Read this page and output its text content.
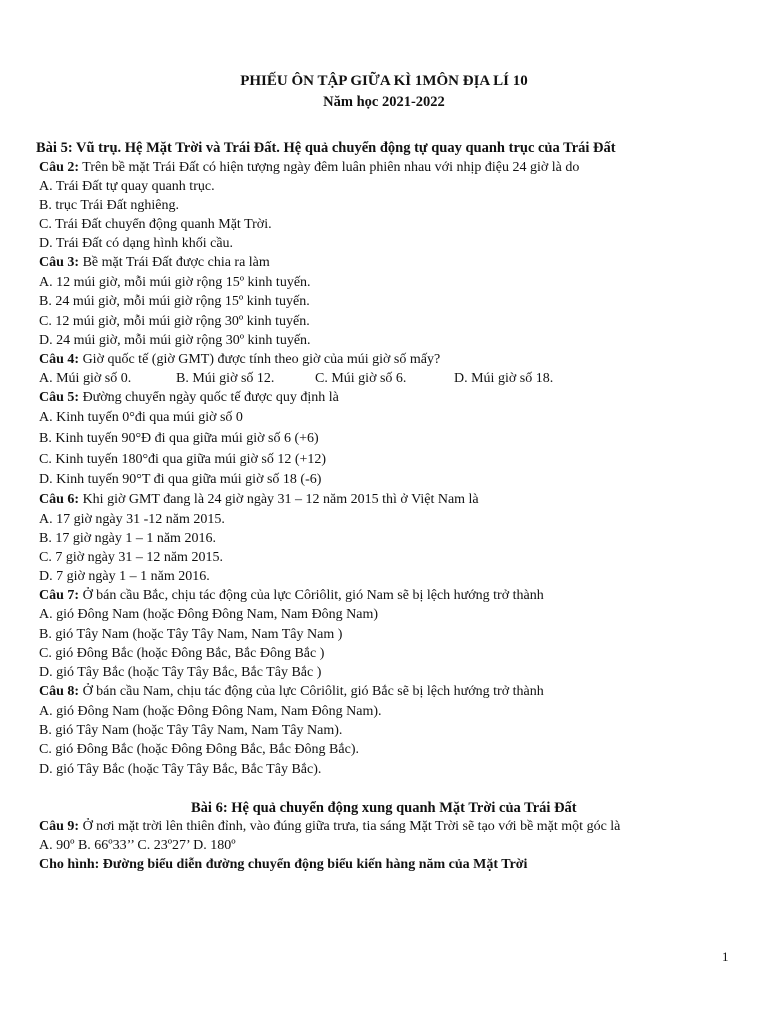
PHIẾU ÔN TẬP GIỮA KÌ 1MÔN ĐỊA LÍ 10
Năm học 2021-2022
Bài 5: Vũ trụ. Hệ Mặt Trời và Trái Đất. Hệ quả chuyển động tự quay quanh trục của Trái Đất
Câu 2: Trên bề mặt Trái Đất có hiện tượng ngày đêm luân phiên nhau với nhịp điệu 24 giờ là do
A. Trái Đất tự quay quanh trục.
B. trục Trái Đất nghiêng.
C. Trái Đất chuyển động quanh Mặt Trời.
D. Trái Đất có dạng hình khối cầu.
Câu 3: Bề mặt Trái Đất được chia ra làm
A. 12 múi giờ, mỗi múi giờ rộng 15º kinh tuyến.
B. 24 múi giờ, mỗi múi giờ rộng 15º kinh tuyến.
C. 12 múi giờ, mỗi múi giờ rộng 30º kinh tuyến.
D. 24 múi giờ, mỗi múi giờ rộng 30º kinh tuyến.
Câu 4: Giờ quốc tế (giờ GMT) được tính theo giờ của múi giờ số mấy?
A. Múi giờ số 0.	B. Múi giờ số 12.	C. Múi giờ số 6.	D. Múi giờ số 18.
Câu 5: Đường chuyển ngày quốc tế được quy định là
A. Kinh tuyến 0°đi qua múi giờ số 0
B. Kinh tuyến 90°Đ đi qua giữa múi giờ số 6 (+6)
C. Kinh tuyến 180°đi qua giữa múi giờ số 12 (+12)
D. Kinh tuyến 90°T đi qua giữa múi giờ số 18 (-6)
Câu 6: Khi giờ GMT đang là 24 giờ ngày 31 – 12 năm 2015 thì ở Việt Nam là
A. 17 giờ ngày 31 -12 năm 2015.
B. 17 giờ ngày 1 – 1 năm 2016.
C. 7 giờ ngày 31 – 12 năm 2015.
D. 7 giờ ngày 1 – 1 năm 2016.
Câu 7: Ở bán cầu Bắc, chịu tác động của lực Côriôlit, gió Nam sẽ bị lệch hướng trở thành
A. gió Đông Nam (hoặc Đông Đông Nam, Nam Đông Nam)
B. gió Tây Nam (hoặc Tây Tây Nam, Nam Tây Nam )
C. gió Đông Bắc (hoặc Đông Bắc, Bắc Đông Bắc )
D. gió Tây Bắc (hoặc Tây Tây Bắc, Bắc Tây Bắc )
Câu 8: Ở bán cầu Nam, chịu tác động của lực Côriôlit, gió Bắc sẽ bị lệch hướng trở thành
A. gió Đông Nam (hoặc Đông Đông Nam, Nam Đông Nam).
B. gió Tây Nam (hoặc Tây Tây Nam, Nam Tây Nam).
C. gió Đông Bắc (hoặc Đông Đông Bắc, Bắc Đông Bắc).
D. gió Tây Bắc (hoặc Tây Tây Bắc, Bắc Tây Bắc).
Bài 6: Hệ quả chuyển động xung quanh Mặt Trời của Trái Đất
Câu 9: Ở nơi mặt trời lên thiên đỉnh, vào đúng giữa trưa, tia sáng Mặt Trời sẽ tạo với bề mặt một góc là
A. 90º B. 66º33’’ C. 23º27’ D. 180º
Cho hình: Đường biểu diễn đường chuyển động biểu kiến hàng năm của Mặt Trời
1
